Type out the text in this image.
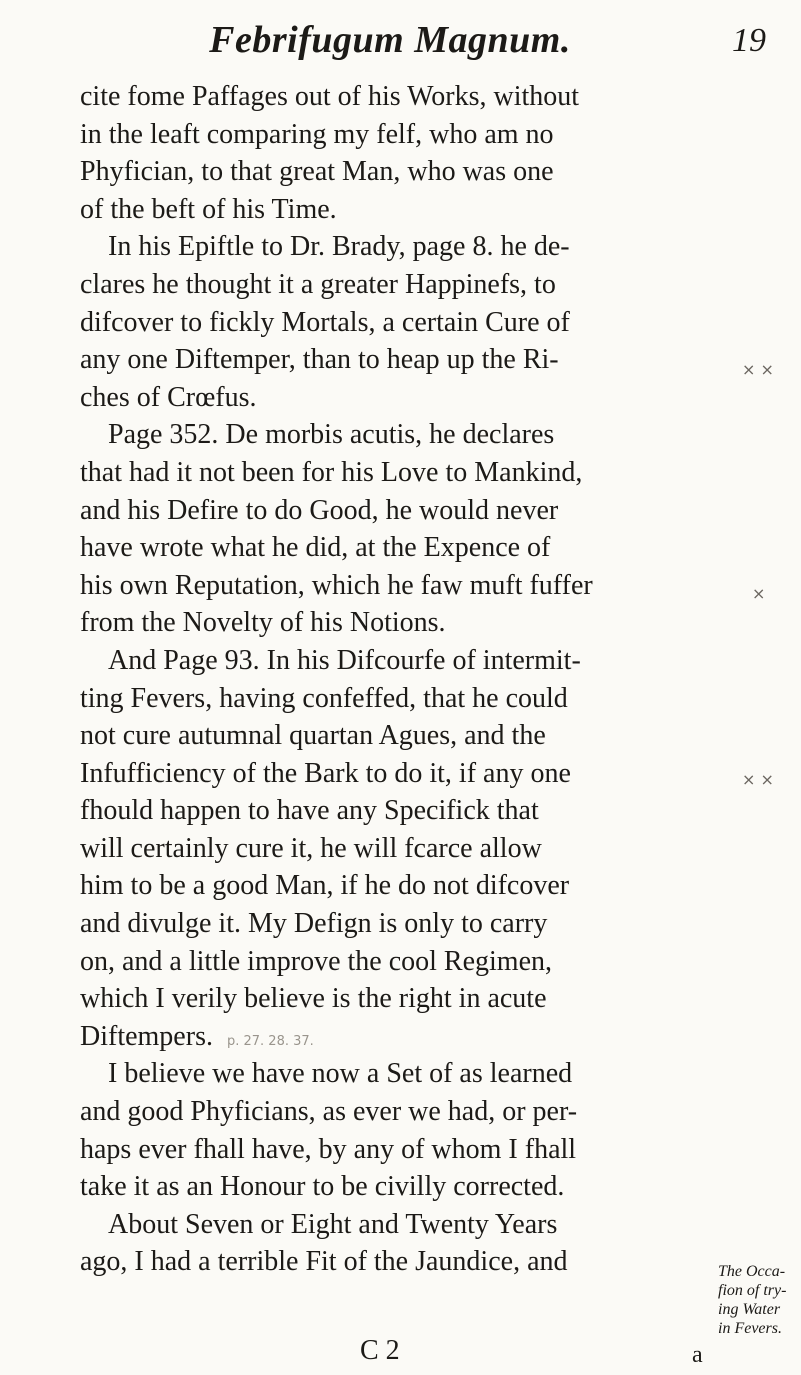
Febrifugum Magnum.	19
cite fome Paffages out of his Works, without
in the leaft comparing my felf, who am no
Phyfician, to that great Man, who was one
of the beft of his Time.
In his Epiftle to Dr. Brady, page 8. he de-
clares he thought it a greater Happinefs, to
difcover to fickly Mortals, a certain Cure of
any one Diftemper, than to heap up the Ri-
ches of Crœfus.
Page 352. De morbis acutis, he declares
that had it not been for his Love to Mankind,
and his Defire to do Good, he would never
have wrote what he did, at the Expence of
his own Reputation, which he faw muft fuffer
from the Novelty of his Notions.
And Page 93. In his Difcourfe of intermit-
ting Fevers, having confeffed, that he could
not cure autumnal quartan Agues, and the
Infufficiency of the Bark to do it, if any one
fhould happen to have any Specifick that
will certainly cure it, he will fcarce allow
him to be a good Man, if he do not difcover
and divulge it. My Defign is only to carry
on, and a little improve the cool Regimen,
which I verily believe is the right in acute
Diftempers. p. 27. 28. 37.
I believe we have now a Set of as learned
and good Phyficians, as ever we had, or per-
haps ever fhall have, by any of whom I fhall
take it as an Honour to be civilly corrected.
About Seven or Eight and Twenty Years
ago, I had a terrible Fit of the Jaundice, and
× ×
×
× ×
The Occa-
fion of try-
ing Water
in Fevers.
C 2	a
